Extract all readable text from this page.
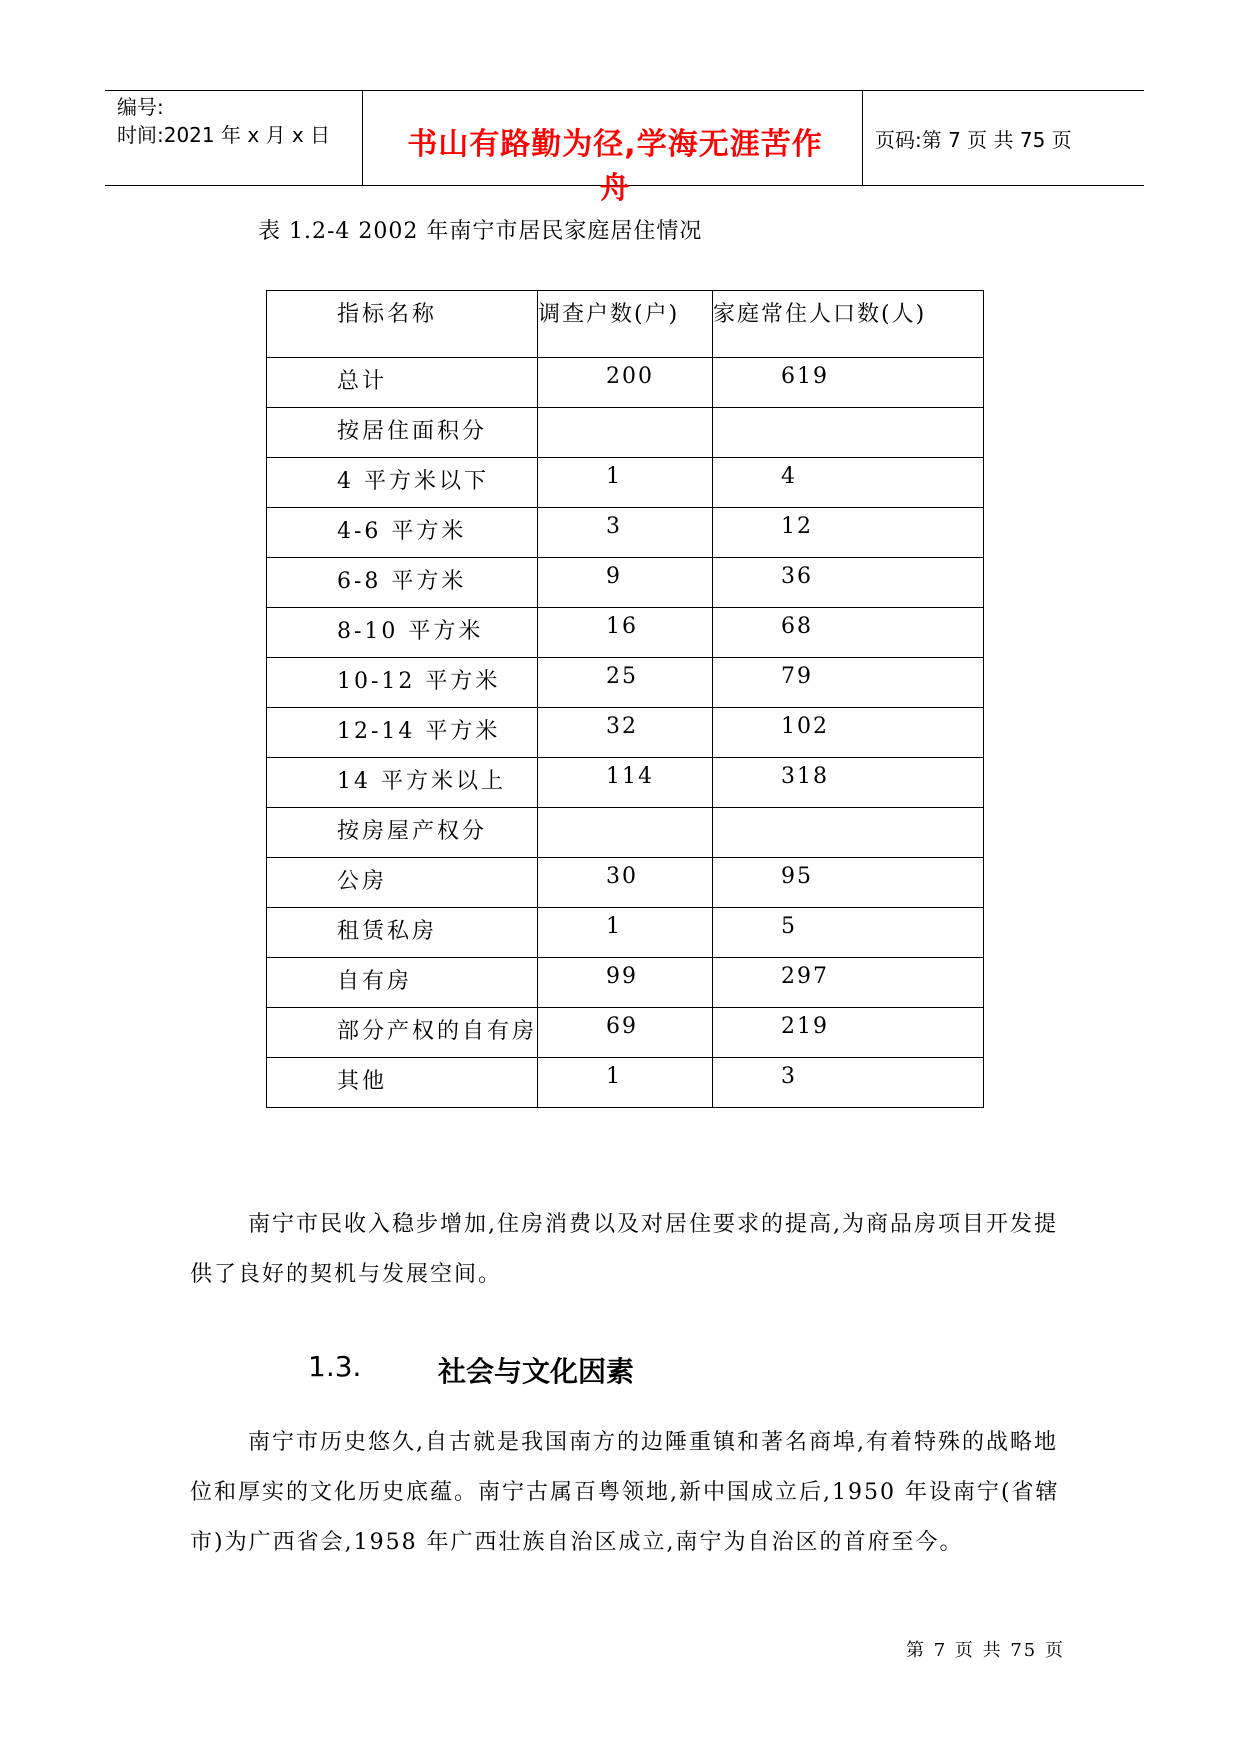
编号:
时间:2021 年 x 月 x 日	书山有路勤为径,学海无涯苦作舟
页码:第 7 页 共 75 页
表 1.2-4 2002 年南宁市居民家庭居住情况
指标名称	调查户数(户)	家庭常住人口数(人)

总计	200	619

按居住面积分		

4 平方米以下	1	4

4-6 平方米	3	12

6-8 平方米	9	36

8-10 平方米	16	68

10-12 平方米	25	79

12-14 平方米	32	102

14 平方米以上	114	318

按房屋产权分		

公房	30	95

租赁私房	1	5

自有房	99	297

部分产权的自有房	69	219

其他	1	3
南宁市民收入稳步增加,住房消费以及对居住要求的提高,为商品房项目开发提供了良好的契机与发展空间。
1.3.	社会与文化因素
南宁市历史悠久,自古就是我国南方的边陲重镇和著名商埠,有着特殊的战略地位和厚实的文化历史底蕴。南宁古属百粤领地,新中国成立后,1950 年设南宁(省辖市)为广西省会,1958 年广西壮族自治区成立,南宁为自治区的首府至今。
第 7 页 共 75 页
